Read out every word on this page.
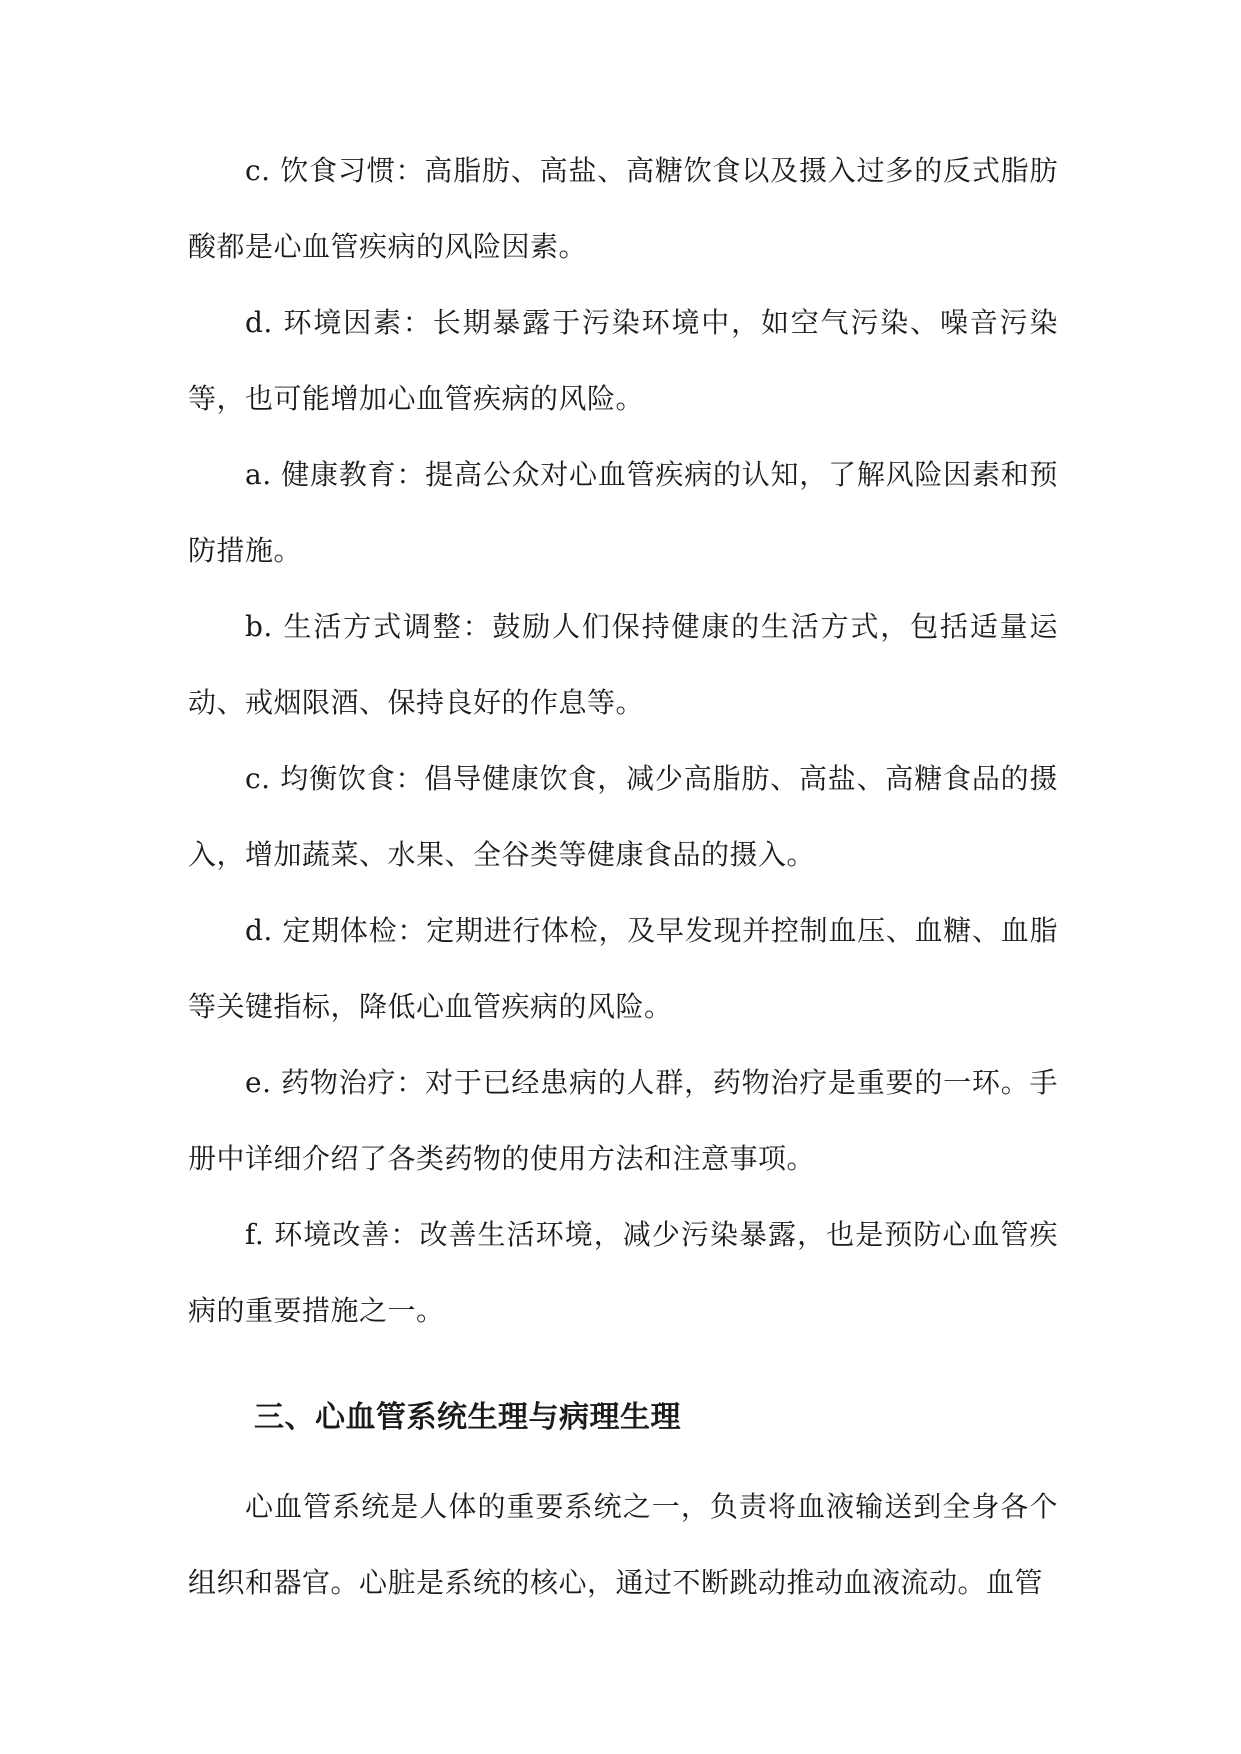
c. 饮食习惯：高脂肪、高盐、高糖饮食以及摄入过多的反式脂肪酸都是心血管疾病的风险因素。

d. 环境因素：长期暴露于污染环境中，如空气污染、噪音污染等，也可能增加心血管疾病的风险。

a. 健康教育：提高公众对心血管疾病的认知，了解风险因素和预防措施。

b. 生活方式调整：鼓励人们保持健康的生活方式，包括适量运动、戒烟限酒、保持良好的作息等。

c. 均衡饮食：倡导健康饮食，减少高脂肪、高盐、高糖食品的摄入，增加蔬菜、水果、全谷类等健康食品的摄入。

d. 定期体检：定期进行体检，及早发现并控制血压、血糖、血脂等关键指标，降低心血管疾病的风险。

e. 药物治疗：对于已经患病的人群，药物治疗是重要的一环。手册中详细介绍了各类药物的使用方法和注意事项。

f. 环境改善：改善生活环境，减少污染暴露，也是预防心血管疾病的重要措施之一。

三、心血管系统生理与病理生理

心血管系统是人体的重要系统之一，负责将血液输送到全身各个组织和器官。心脏是系统的核心，通过不断跳动推动血液流动。血管
